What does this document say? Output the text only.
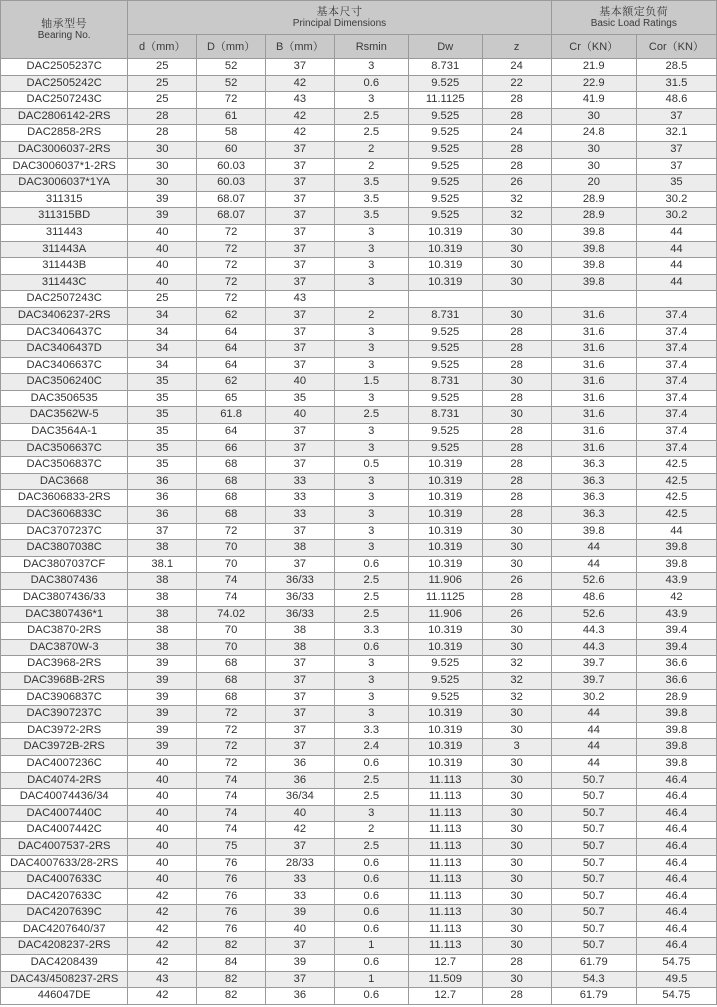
轴承型号
Bearing No.	基本尺寸
Principal Dimensions						基本额定负荷
Basic Load Ratings	

	d（mm）	D（mm）	B（mm）	Rsmin	Dw	z	Cr（KN）	Cor（KN）
DAC2505237C	25	52	37	3	8.731	24	21.9	28.5
DAC2505242C	25	52	42	0.6	9.525	22	22.9	31.5
DAC2507243C	25	72	43	3	11.1125	28	41.9	48.6
DAC2806142-2RS	28	61	42	2.5	9.525	28	30	37
DAC2858-2RS	28	58	42	2.5	9.525	24	24.8	32.1
DAC3006037-2RS	30	60	37	2	9.525	28	30	37
DAC3006037*1-2RS	30	60.03	37	2	9.525	28	30	37
DAC3006037*1YA	30	60.03	37	3.5	9.525	26	20	35
311315	39	68.07	37	3.5	9.525	32	28.9	30.2
311315BD	39	68.07	37	3.5	9.525	32	28.9	30.2
311443	40	72	37	3	10.319	30	39.8	44
311443A	40	72	37	3	10.319	30	39.8	44
311443B	40	72	37	3	10.319	30	39.8	44
311443C	40	72	37	3	10.319	30	39.8	44
DAC2507243C	25	72	43					
DAC3406237-2RS	34	62	37	2	8.731	30	31.6	37.4
DAC3406437C	34	64	37	3	9.525	28	31.6	37.4
DAC3406437D	34	64	37	3	9.525	28	31.6	37.4
DAC3406637C	34	64	37	3	9.525	28	31.6	37.4
DAC3506240C	35	62	40	1.5	8.731	30	31.6	37.4
DAC3506535	35	65	35	3	9.525	28	31.6	37.4
DAC3562W-5	35	61.8	40	2.5	8.731	30	31.6	37.4
DAC3564A-1	35	64	37	3	9.525	28	31.6	37.4
DAC3506637C	35	66	37	3	9.525	28	31.6	37.4
DAC3506837C	35	68	37	0.5	10.319	28	36.3	42.5
DAC3668	36	68	33	3	10.319	28	36.3	42.5
DAC3606833-2RS	36	68	33	3	10.319	28	36.3	42.5
DAC3606833C	36	68	33	3	10.319	28	36.3	42.5
DAC3707237C	37	72	37	3	10.319	30	39.8	44
DAC3807038C	38	70	38	3	10.319	30	44	39.8
DAC3807037CF	38.1	70	37	0.6	10.319	30	44	39.8
DAC3807436	38	74	36/33	2.5	11.906	26	52.6	43.9
DAC3807436/33	38	74	36/33	2.5	11.1125	28	48.6	42
DAC3807436*1	38	74.02	36/33	2.5	11.906	26	52.6	43.9
DAC3870-2RS	38	70	38	3.3	10.319	30	44.3	39.4
DAC3870W-3	38	70	38	0.6	10.319	30	44.3	39.4
DAC3968-2RS	39	68	37	3	9.525	32	39.7	36.6
DAC3968B-2RS	39	68	37	3	9.525	32	39.7	36.6
DAC3906837C	39	68	37	3	9.525	32	30.2	28.9
DAC3907237C	39	72	37	3	10.319	30	44	39.8
DAC3972-2RS	39	72	37	3.3	10.319	30	44	39.8
DAC3972B-2RS	39	72	37	2.4	10.319	3	44	39.8
DAC4007236C	40	72	36	0.6	10.319	30	44	39.8
DAC4074-2RS	40	74	36	2.5	11.113	30	50.7	46.4
DAC40074436/34	40	74	36/34	2.5	11.113	30	50.7	46.4
DAC4007440C	40	74	40	3	11.113	30	50.7	46.4
DAC4007442C	40	74	42	2	11.113	30	50.7	46.4
DAC4007537-2RS	40	75	37	2.5	11.113	30	50.7	46.4
DAC4007633/28-2RS	40	76	28/33	0.6	11.113	30	50.7	46.4
DAC4007633C	40	76	33	0.6	11.113	30	50.7	46.4
DAC4207633C	42	76	33	0.6	11.113	30	50.7	46.4
DAC4207639C	42	76	39	0.6	11.113	30	50.7	46.4
DAC4207640/37	42	76	40	0.6	11.113	30	50.7	46.4
DAC4208237-2RS	42	82	37	1	11.113	30	50.7	46.4
DAC4208439	42	84	39	0.6	12.7	28	61.79	54.75
DAC43/4508237-2RS	43	82	37	1	11.509	30	54.3	49.5
446047DE	42	82	36	0.6	12.7	28	61.79	54.75
